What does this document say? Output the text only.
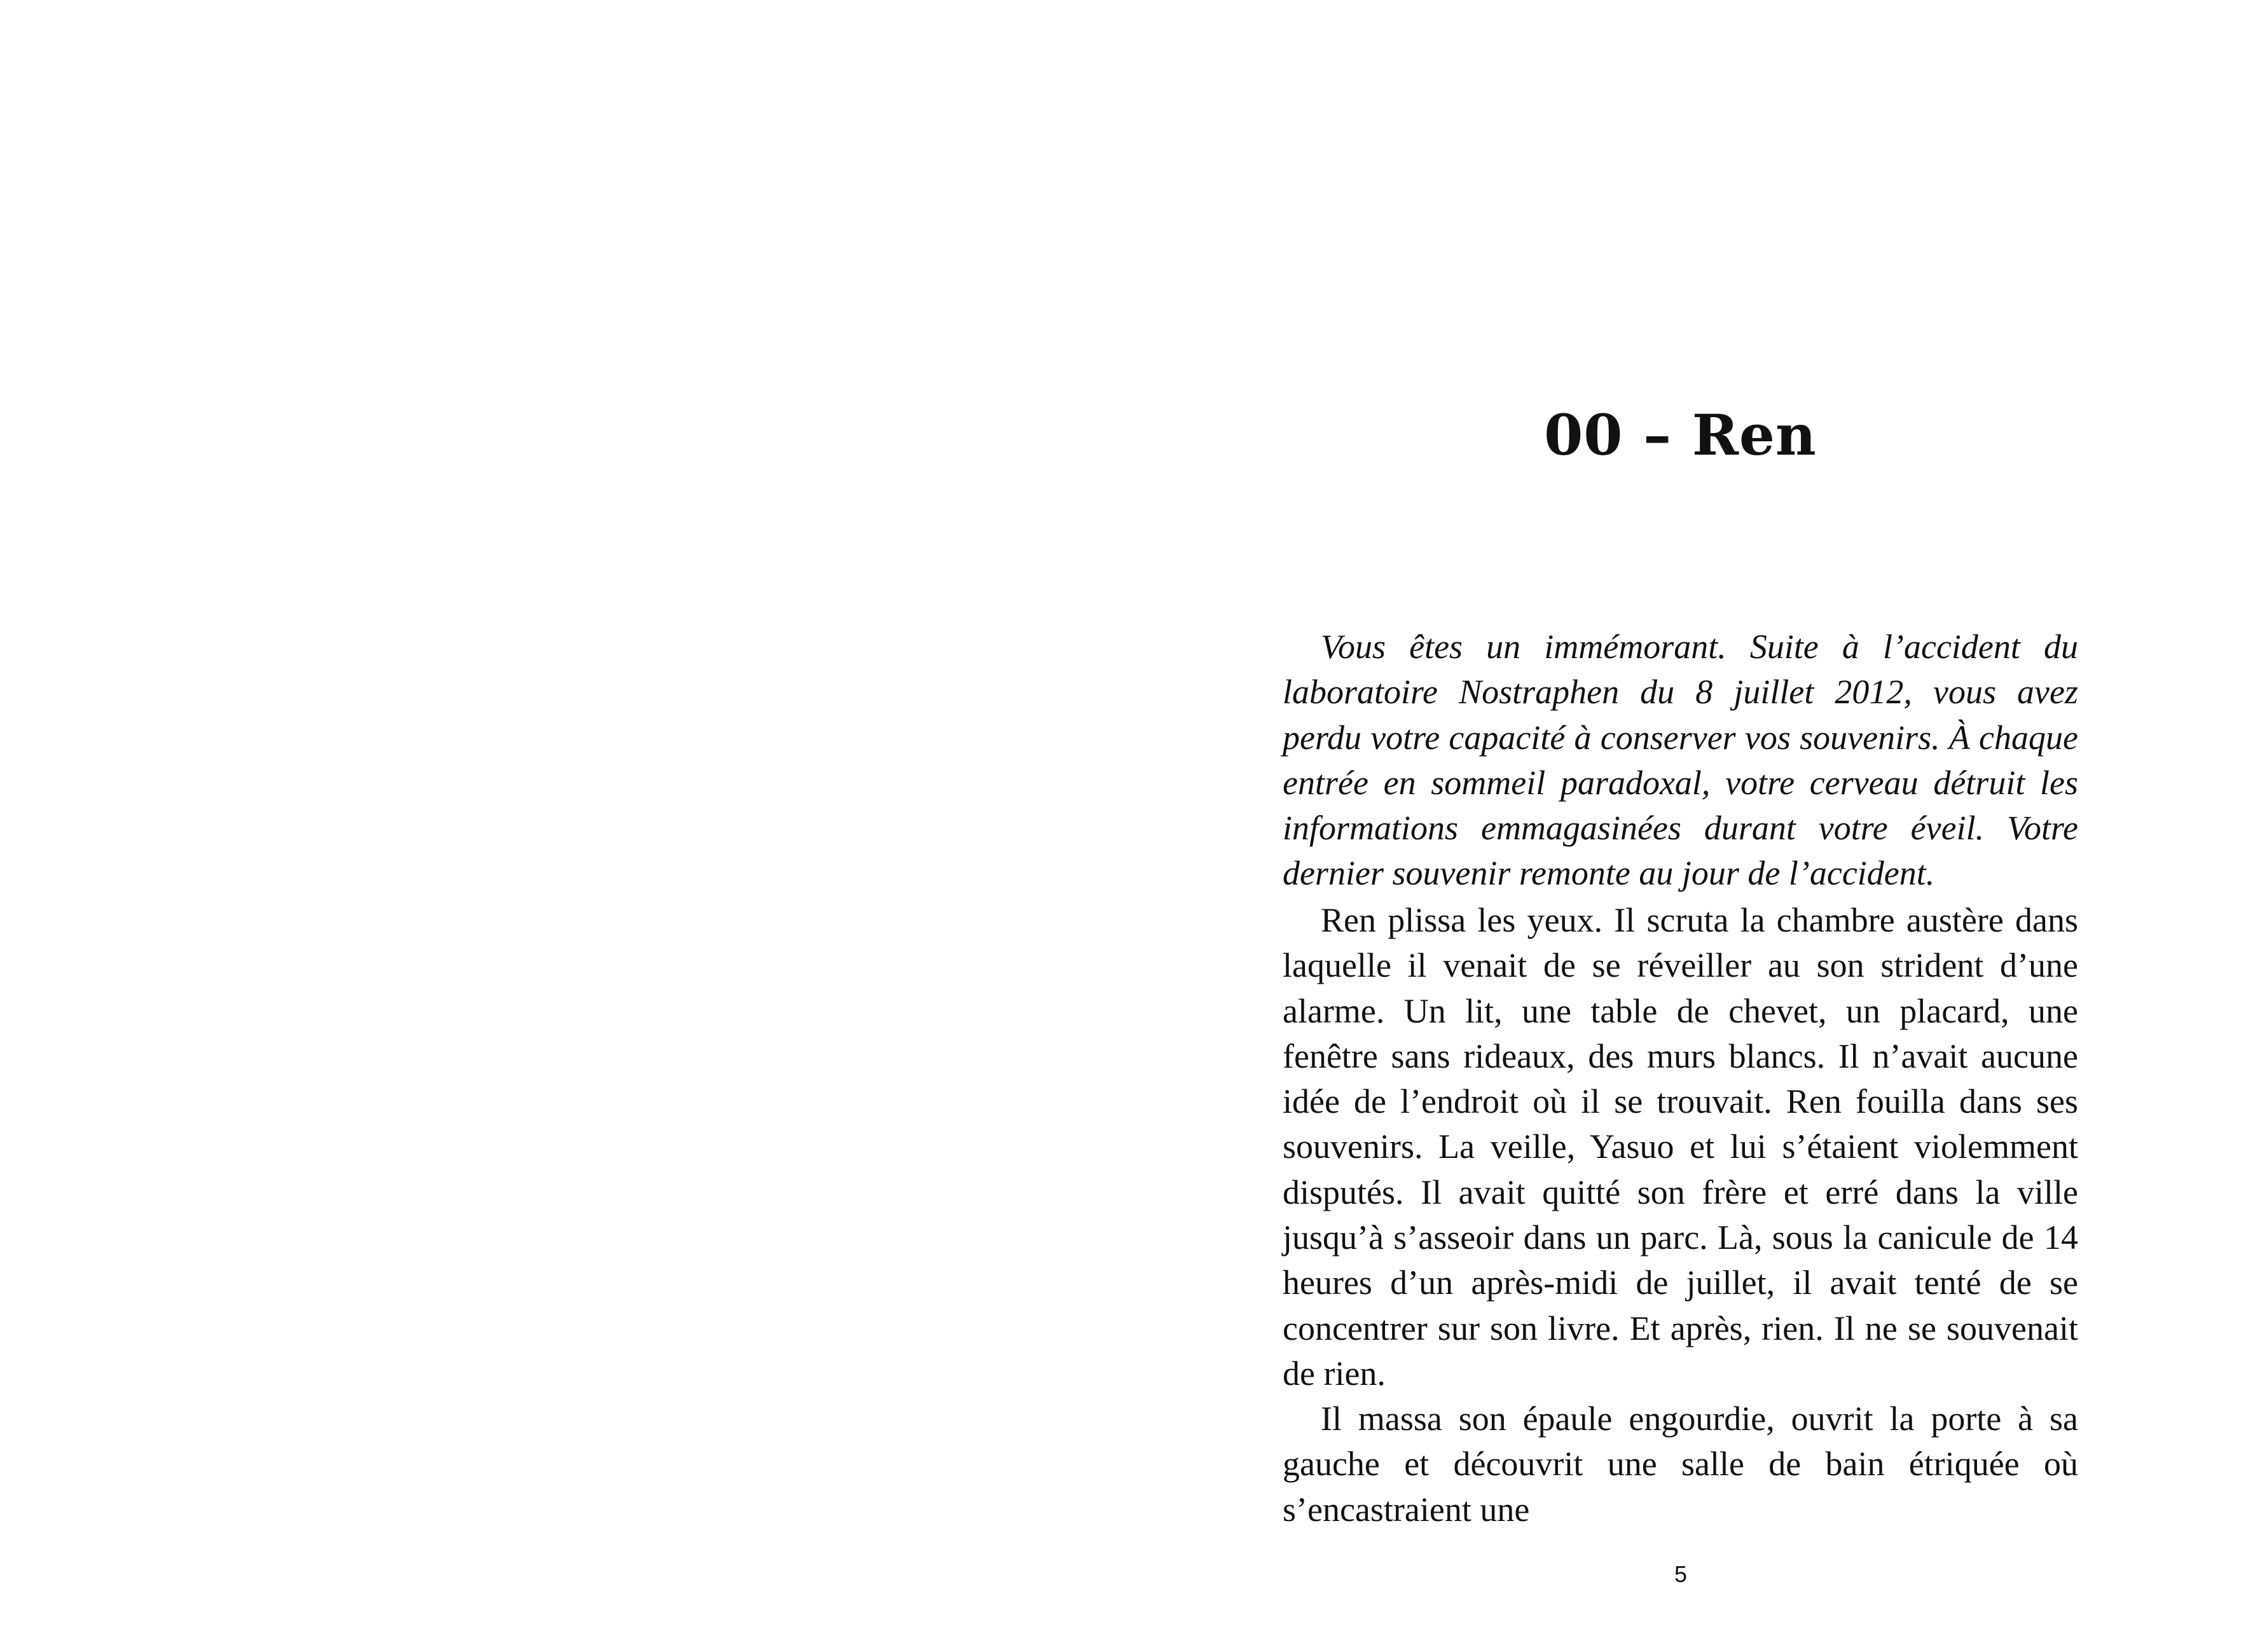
00 – Ren

Vous êtes un immémorant. Suite à l’accident du laboratoire Nostraphen du 8 juillet 2012, vous avez perdu votre capacité à conserver vos souvenirs. À chaque entrée en sommeil paradoxal, votre cerveau détruit les informations emmagasinées durant votre éveil. Votre dernier souvenir remonte au jour de l’accident.

Ren plissa les yeux. Il scruta la chambre austère dans laquelle il venait de se réveiller au son strident d’une alarme. Un lit, une table de chevet, un placard, une fenêtre sans rideaux, des murs blancs. Il n’avait aucune idée de l’endroit où il se trouvait. Ren fouilla dans ses souvenirs. La veille, Yasuo et lui s’étaient violemment disputés. Il avait quitté son frère et erré dans la ville jusqu’à s’asseoir dans un parc. Là, sous la canicule de 14 heures d’un après-midi de juillet, il avait tenté de se concentrer sur son livre. Et après, rien. Il ne se souvenait de rien.

Il massa son épaule engourdie, ouvrit la porte à sa gauche et découvrit une salle de bain étriquée où s’encastraient une

5
